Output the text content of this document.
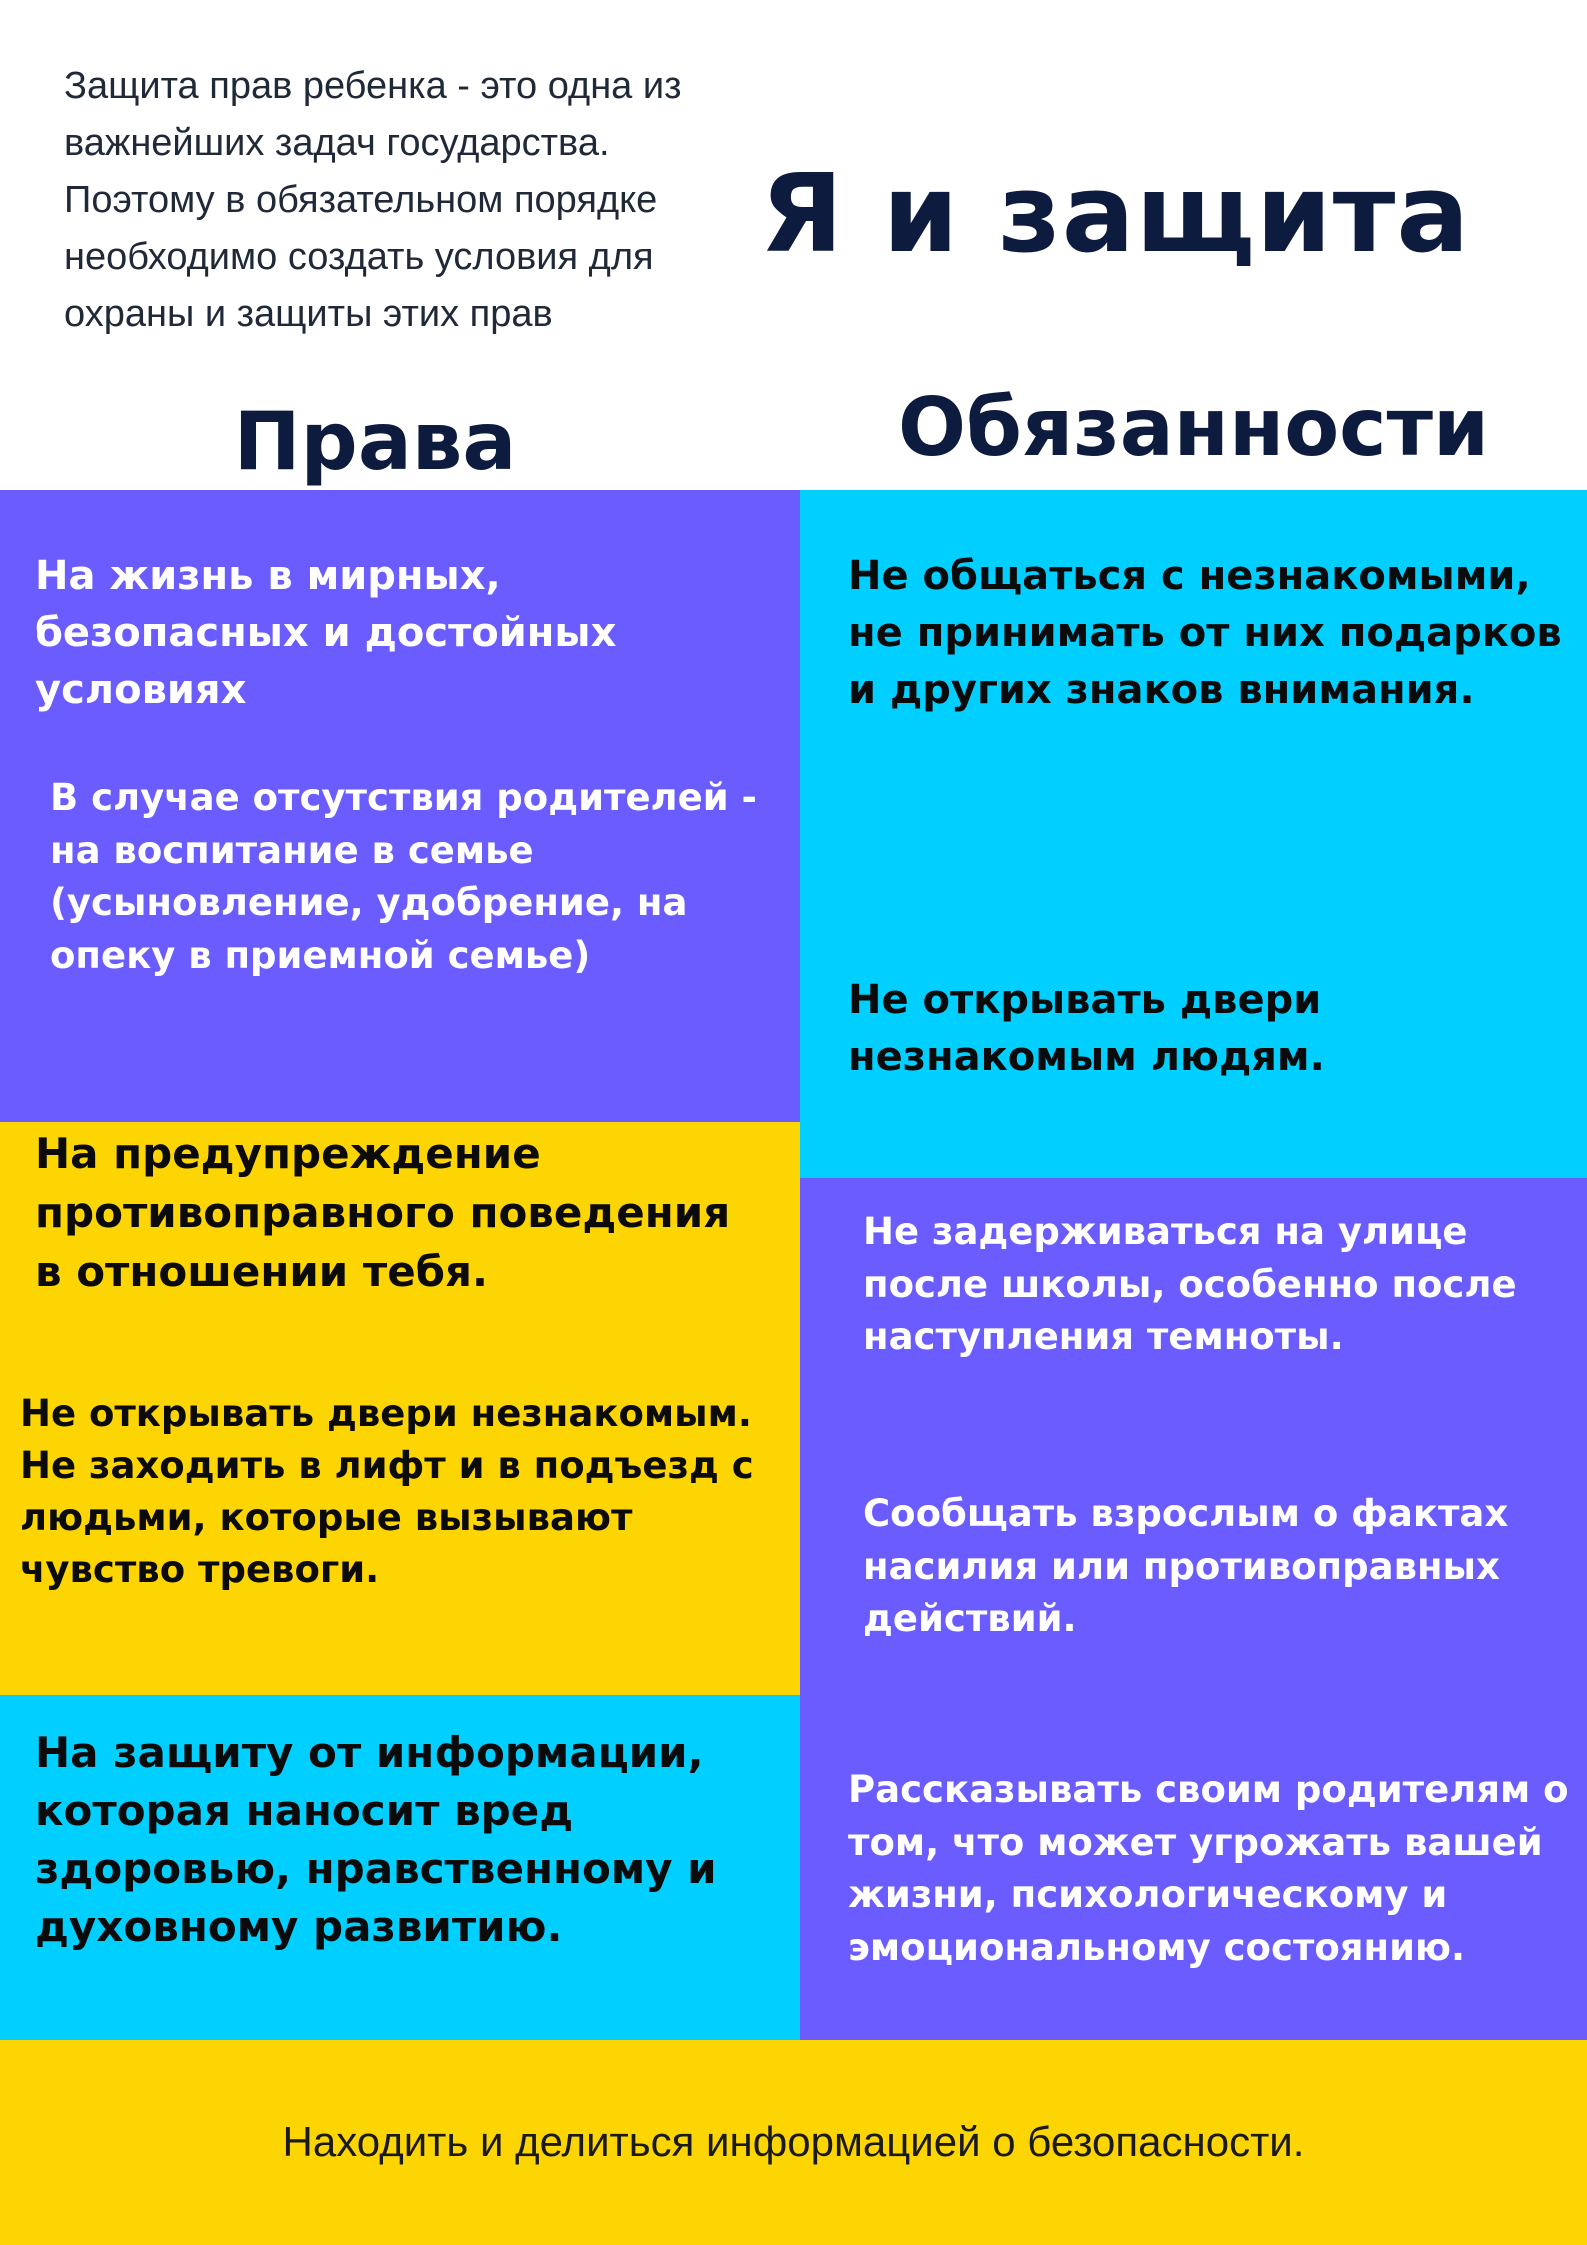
Защита прав ребенка - это одна из важнейших задач государства. Поэтому в обязательном порядке необходимо создать условия для охраны и защиты этих прав
Я и защита
Права	Обязанности
На жизнь в мирных, безопасных и достойных условиях
В случае отсутствия родителей - на воспитание в семье (усыновление, удобрение, на опеку в приемной семье)
На предупреждение противоправного поведения в отношении тебя.
Не открывать двери незнакомым. Не заходить в лифт и в подъезд с людьми, которые вызывают чувство тревоги.
На защиту от информации, которая наносит вред здоровью, нравственному и духовному развитию.
Не общаться с незнакомыми, не принимать от них подарков и других знаков внимания.
Не открывать двери незнакомым людям.
Не задерживаться на улице после школы, особенно после наступления темноты.
Сообщать взрослым о фактах насилия или противоправных действий.
Рассказывать своим родителям о том, что может угрожать вашей жизни, психологическому и эмоциональному состоянию.
Находить и делиться информацией о безопасности.
